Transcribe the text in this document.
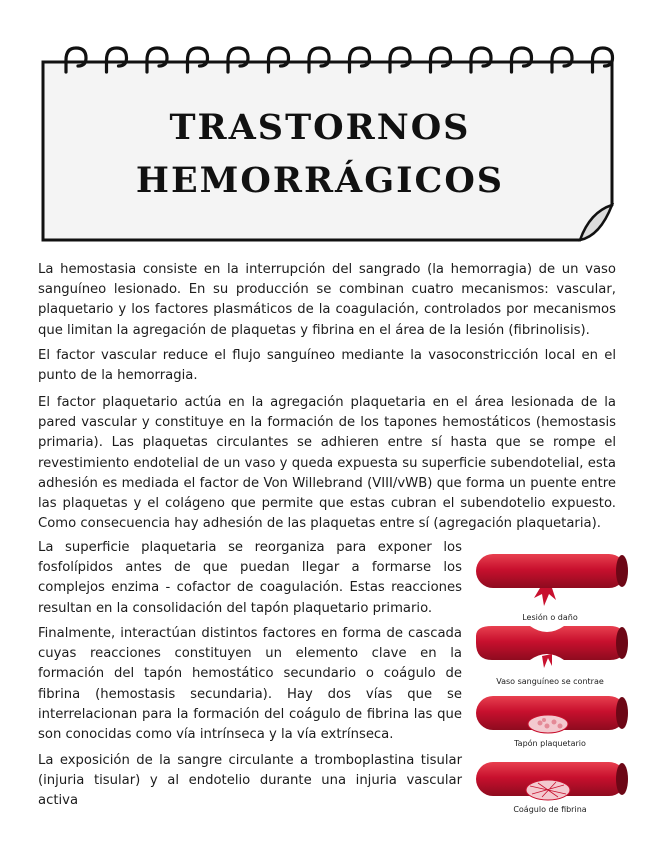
TRASTORNOS
HEMORRÁGICOS

La hemostasia consiste en la interrupción del sangrado (la hemorragia) de un vaso sanguíneo lesionado. En su producción se combinan cuatro mecanismos: vascular, plaquetario y los factores plasmáticos de la coagulación, controlados por mecanismos que limitan la agregación de plaquetas y fibrina en el área de la lesión (fibrinolisis).

El factor vascular reduce el flujo sanguíneo mediante la vasoconstricción local en el punto de la hemorragia.

El factor plaquetario actúa en la agregación plaquetaria en el área lesionada de la pared vascular y constituye en la formación de los tapones hemostáticos (hemostasis primaria). Las plaquetas circulantes se adhieren entre sí hasta que se rompe el revestimiento endotelial de un vaso y queda expuesta su superficie subendotelial, esta adhesión es mediada el factor de Von Willebrand (VIII/vWB) que forma un puente entre las plaquetas y el colágeno que permite que estas cubran el subendotelio expuesto. Como consecuencia hay adhesión de las plaquetas entre sí (agregación plaquetaria).

La superficie plaquetaria se reorganiza para exponer los fosfolípidos antes de que puedan llegar a formarse los complejos enzima - cofactor de coagulación. Estas reacciones resultan en la consolidación del tapón plaquetario primario.

Finalmente, interactúan distintos factores en forma de cascada cuyas reacciones constituyen un elemento clave en la formación del tapón hemostático secundario o coágulo de fibrina (hemostasis secundaria). Hay dos vías que se interrelacionan para la formación del coágulo de fibrina las que son conocidas como vía intrínseca y la vía extrínseca.

La exposición de la sangre circulante a tromboplastina tisular (injuria tisular) y al endotelio durante una injuria vascular activa

Lesión o daño
Vaso sanguíneo se contrae
Tapón plaquetario
Coágulo de fibrina
